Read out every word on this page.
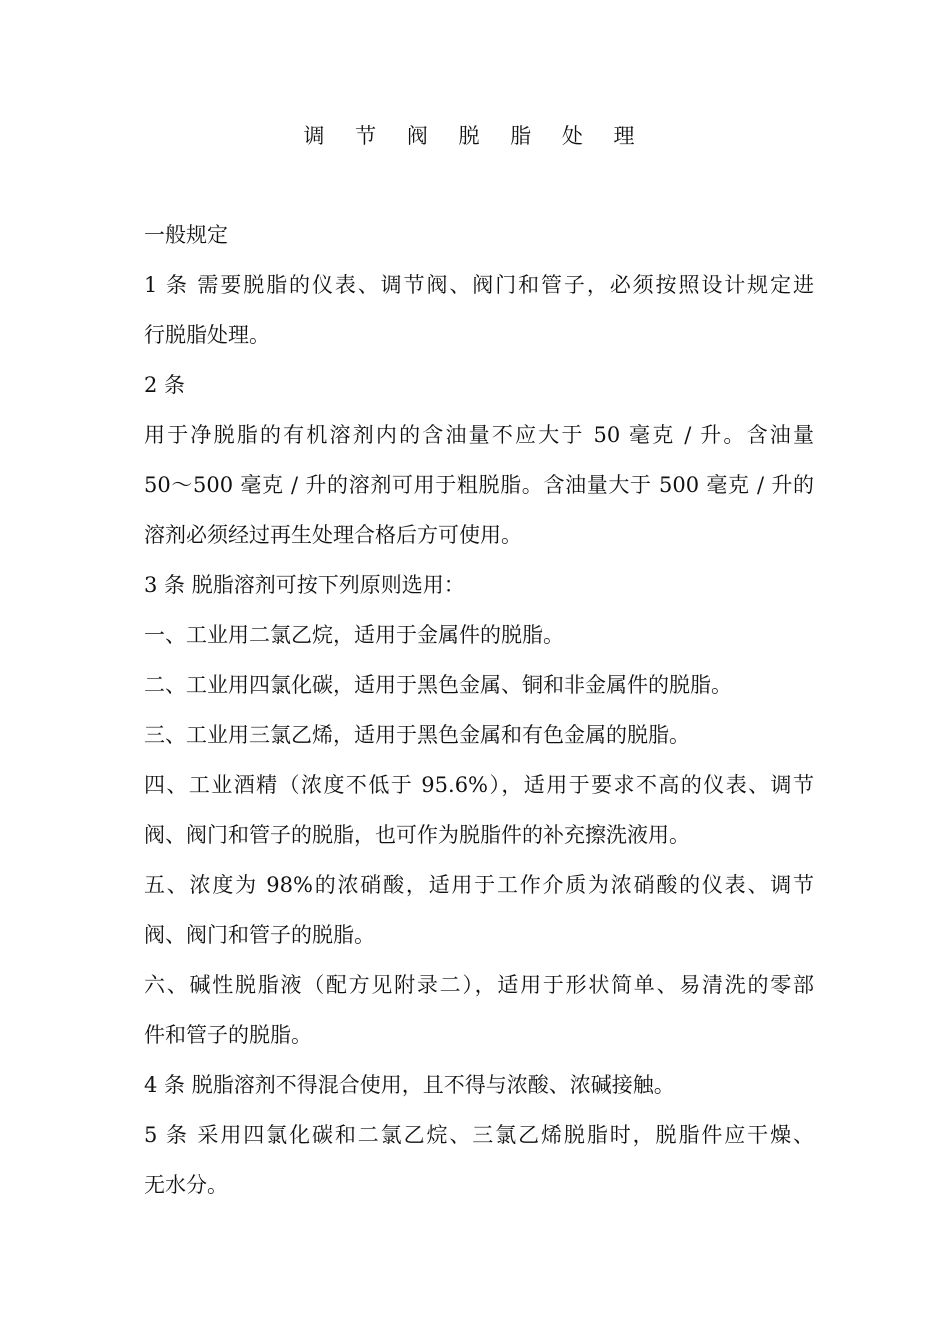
调 节 阀 脱 脂 处 理
一般规定
1 条 需要脱脂的仪表、调节阀、阀门和管子，必须按照设计规定进
行脱脂处理。
2 条
用于净脱脂的有机溶剂内的含油量不应大于 50 毫克 / 升。含油量
50～500 毫克 / 升的溶剂可用于粗脱脂。含油量大于 500 毫克 / 升的
溶剂必须经过再生处理合格后方可使用。
3 条 脱脂溶剂可按下列原则选用：
一、工业用二氯乙烷，适用于金属件的脱脂。
二、工业用四氯化碳，适用于黑色金属、铜和非金属件的脱脂。
三、工业用三氯乙烯，适用于黑色金属和有色金属的脱脂。
四、工业酒精（浓度不低于 95.6%），适用于要求不高的仪表、调节
阀、阀门和管子的脱脂，也可作为脱脂件的补充擦洗液用。
五、浓度为 98%的浓硝酸，适用于工作介质为浓硝酸的仪表、调节
阀、阀门和管子的脱脂。
六、碱性脱脂液（配方见附录二），适用于形状简单、易清洗的零部
件和管子的脱脂。
4 条 脱脂溶剂不得混合使用，且不得与浓酸、浓碱接触。
5 条 采用四氯化碳和二氯乙烷、三氯乙烯脱脂时，脱脂件应干燥、
无水分。
